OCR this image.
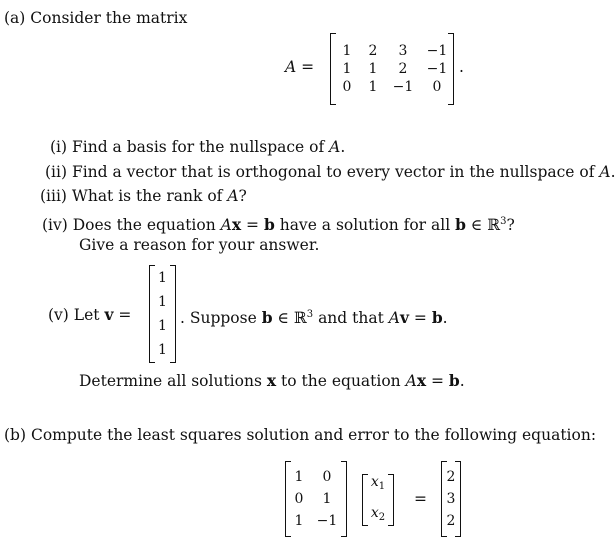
(a) Consider the matrix
A =
1	2	3	−1
1	1	2	−1
0	1	−1	0
.
(i) Find a basis for the nullspace of A.
(ii) Find a vector that is orthogonal to every vector in the nullspace of A.
(iii) What is the rank of A?
(iv) Does the equation Ax = b have a solution for all b ∈ ℝ$^3$?
Give a reason for your answer.
(v) Let v =
1
1
1
1
. Suppose b ∈ ℝ$^3$ and that Av = b.
Determine all solutions x to the equation Ax = b.
(b) Compute the least squares solution and error to the following equation:
1	0
0	1
1 −1
$x_1$
$x_2$
=
2
3
2
